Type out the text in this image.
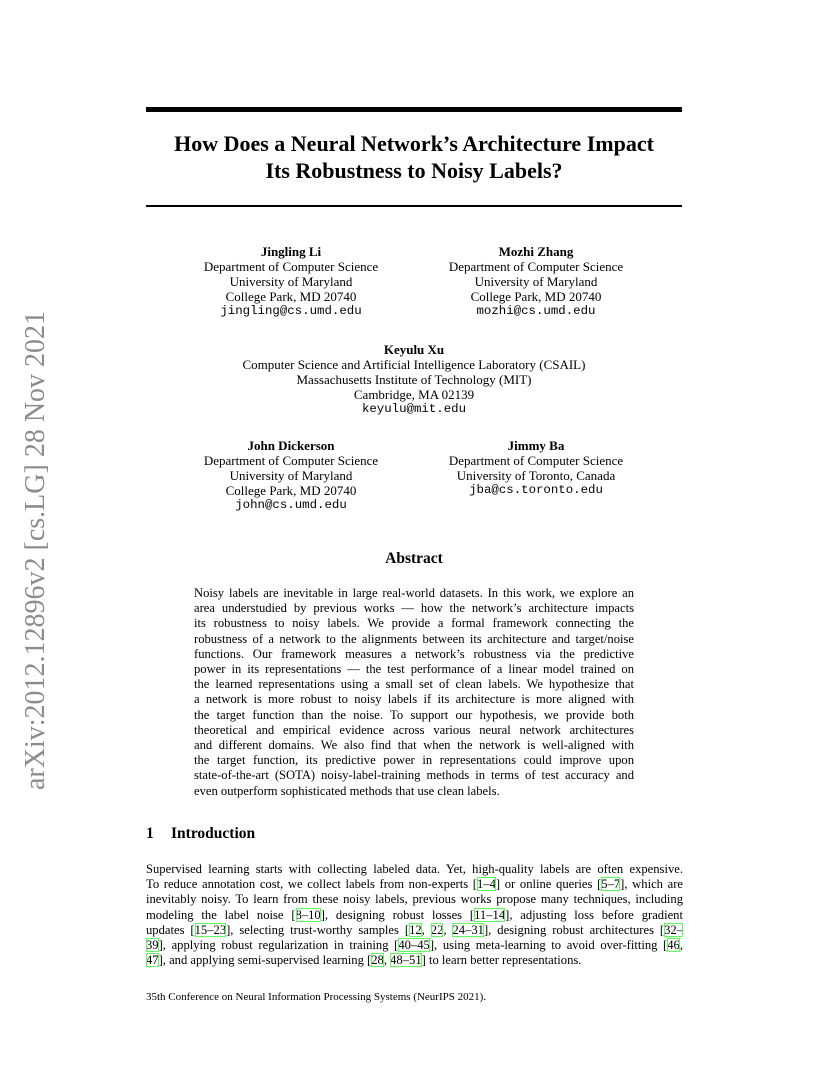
arXiv:2012.12896v2 [cs.LG] 28 Nov 2021
How Does a Neural Network’s Architecture Impact
Its Robustness to Noisy Labels?
Jingling Li
Department of Computer Science
University of Maryland
College Park, MD 20740
jingling@cs.umd.edu
Mozhi Zhang
Department of Computer Science
University of Maryland
College Park, MD 20740
mozhi@cs.umd.edu
Keyulu Xu
Computer Science and Artificial Intelligence Laboratory (CSAIL)
Massachusetts Institute of Technology (MIT)
Cambridge, MA 02139
keyulu@mit.edu
John Dickerson
Department of Computer Science
University of Maryland
College Park, MD 20740
john@cs.umd.edu
Jimmy Ba
Department of Computer Science
University of Toronto, Canada
jba@cs.toronto.edu
Abstract
Noisy labels are inevitable in large real-world datasets. In this work, we explore an
area understudied by previous works — how the network’s architecture impacts
its robustness to noisy labels. We provide a formal framework connecting the
robustness of a network to the alignments between its architecture and target/noise
functions. Our framework measures a network’s robustness via the predictive
power in its representations — the test performance of a linear model trained on
the learned representations using a small set of clean labels. We hypothesize that
a network is more robust to noisy labels if its architecture is more aligned with
the target function than the noise. To support our hypothesis, we provide both
theoretical and empirical evidence across various neural network architectures
and different domains. We also find that when the network is well-aligned with
the target function, its predictive power in representations could improve upon
state-of-the-art (SOTA) noisy-label-training methods in terms of test accuracy and
even outperform sophisticated methods that use clean labels.
1 Introduction
Supervised learning starts with collecting labeled data. Yet, high-quality labels are often expensive.
To reduce annotation cost, we collect labels from non-experts [1–4] or online queries [5–7], which are
inevitably noisy. To learn from these noisy labels, previous works propose many techniques, including
modeling the label noise [8–10], designing robust losses [11–14], adjusting loss before gradient
updates [15–23], selecting trust-worthy samples [12, 22, 24–31], designing robust architectures [32–
39], applying robust regularization in training [40–45], using meta-learning to avoid over-fitting [46,
47], and applying semi-supervised learning [28, 48–51] to learn better representations.
35th Conference on Neural Information Processing Systems (NeurIPS 2021).
